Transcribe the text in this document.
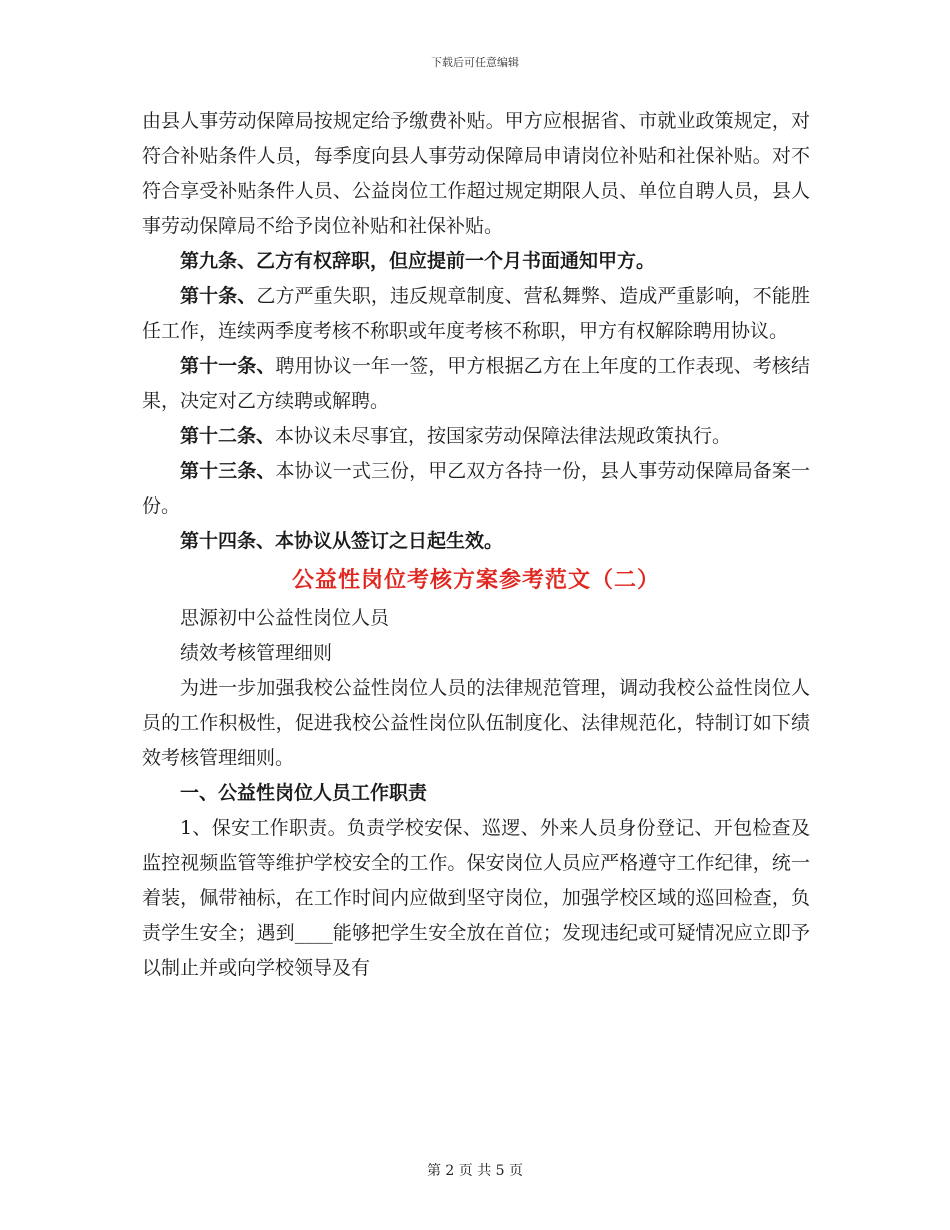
下载后可任意编辑

由县人事劳动保障局按规定给予缴费补贴。甲方应根据省、市就业政策规定，对符合补贴条件人员，每季度向县人事劳动保障局申请岗位补贴和社保补贴。对不符合享受补贴条件人员、公益岗位工作超过规定期限人员、单位自聘人员，县人事劳动保障局不给予岗位补贴和社保补贴。

第九条、乙方有权辞职，但应提前一个月书面通知甲方。

第十条、乙方严重失职，违反规章制度、营私舞弊、造成严重影响，不能胜任工作，连续两季度考核不称职或年度考核不称职，甲方有权解除聘用协议。

第十一条、聘用协议一年一签，甲方根据乙方在上年度的工作表现、考核结果，决定对乙方续聘或解聘。

第十二条、本协议未尽事宜，按国家劳动保障法律法规政策执行。

第十三条、本协议一式三份，甲乙双方各持一份，县人事劳动保障局备案一份。

第十四条、本协议从签订之日起生效。

公益性岗位考核方案参考范文（二）

思源初中公益性岗位人员

绩效考核管理细则

为进一步加强我校公益性岗位人员的法律规范管理，调动我校公益性岗位人员的工作积极性，促进我校公益性岗位队伍制度化、法律规范化，特制订如下绩效考核管理细则。

一、公益性岗位人员工作职责

1、保安工作职责。负责学校安保、巡逻、外来人员身份登记、开包检查及监控视频监管等维护学校安全的工作。保安岗位人员应严格遵守工作纪律，统一着装，佩带袖标，在工作时间内应做到坚守岗位，加强学校区域的巡回检查，负责学生安全；遇到____能够把学生安全放在首位；发现违纪或可疑情况应立即予以制止并或向学校领导及有

第 2 页 共 5 页
